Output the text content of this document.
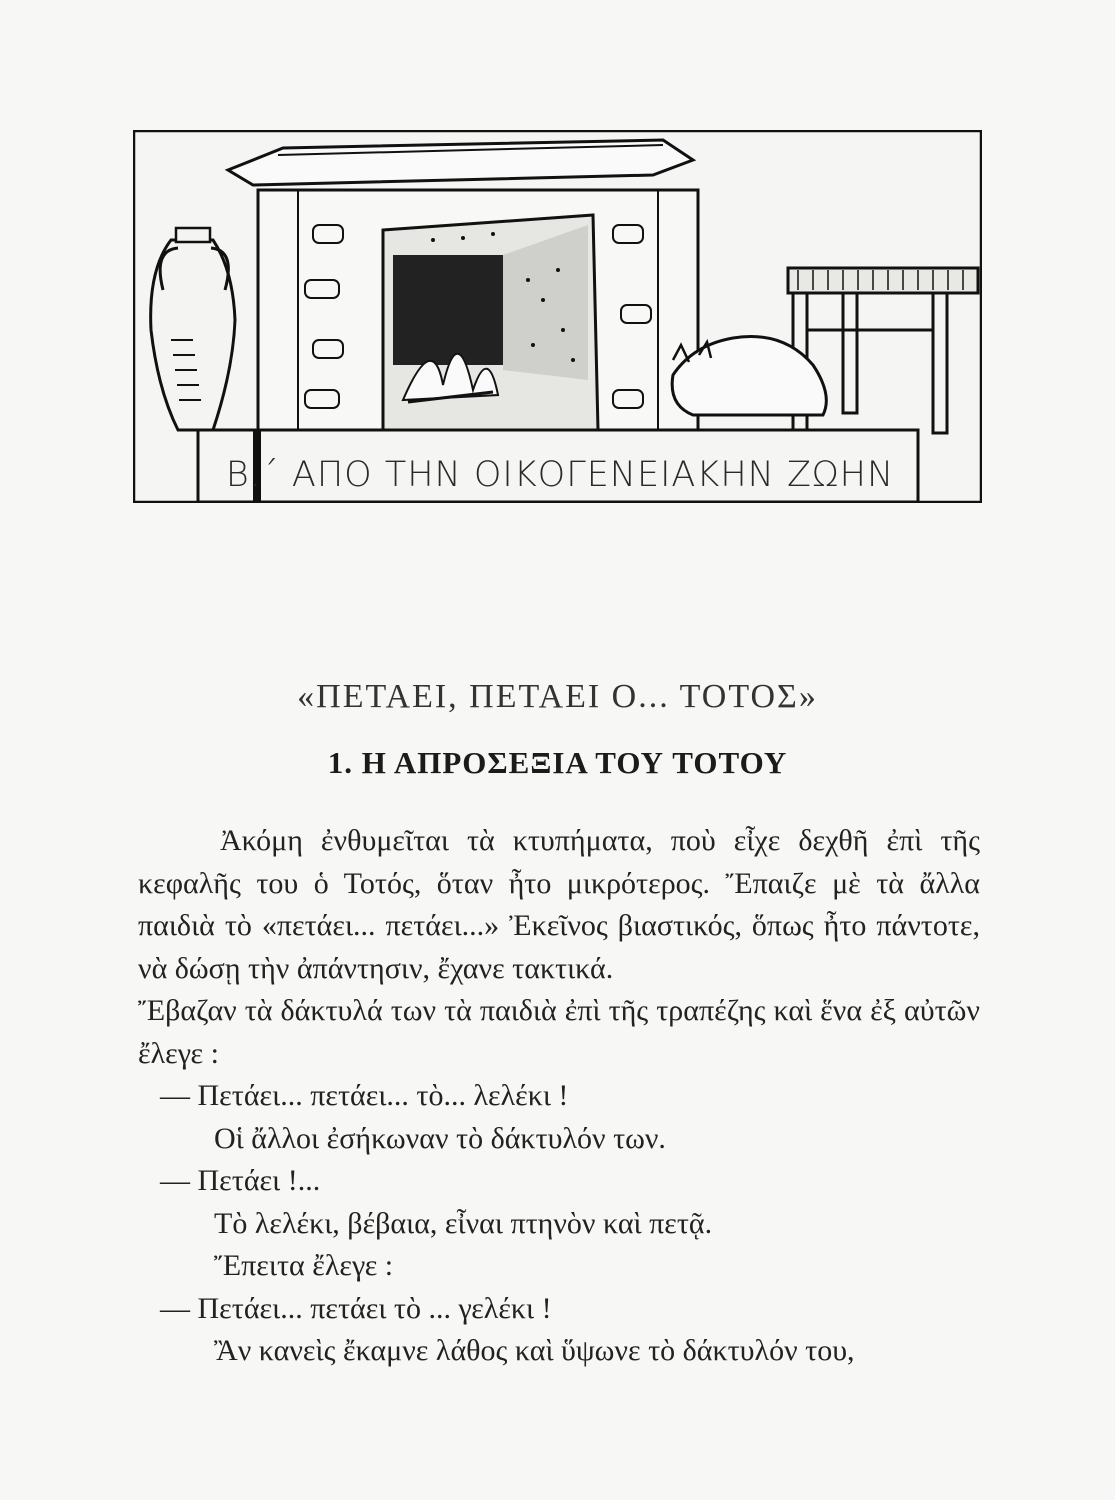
Β.΄ ΑΠΟ ΤΗΝ ΟΙΚΟΓΕΝΕΙΑΚΗΝ ΖΩΗΝ
«ΠΕΤΑΕΙ, ΠΕΤΑΕΙ Ο... ΤΟΤΟΣ»
1. Η ΑΠΡΟΣΕΞΙΑ ΤΟΥ ΤΟΤΟΥ

Ἀκόμη ἐνθυμεῖται τὰ κτυπήματα, ποὺ εἶχε δεχθῆ ἐπὶ τῆς κεφαλῆς του ὁ Τοτός, ὅταν ἦτο μικρότερος. Ἔπαιζε μὲ τὰ ἄλλα παιδιὰ τὸ «πετάει... πετάει...» Ἐκεῖνος βιαστικός, ὅπως ἦτο πάντοτε, νὰ δώσῃ τὴν ἀπάντησιν, ἔχανε τακτικά.

Ἔβαζαν τὰ δάκτυλά των τὰ παιδιὰ ἐπὶ τῆς τραπέζης καὶ ἕνα ἐξ αὐτῶν ἔλεγε :

— Πετάει... πετάει... τὸ... λελέκι !

Οἱ ἄλλοι ἐσήκωναν τὸ δάκτυλόν των.

— Πετάει !...

Τὸ λελέκι, βέβαια, εἶναι πτηνὸν καὶ πετᾷ.

Ἔπειτα ἔλεγε :

— Πετάει... πετάει τὸ ... γελέκι !

Ἂν κανεὶς ἔκαμνε λάθος καὶ ὕψωνε τὸ δάκτυλόν του,
